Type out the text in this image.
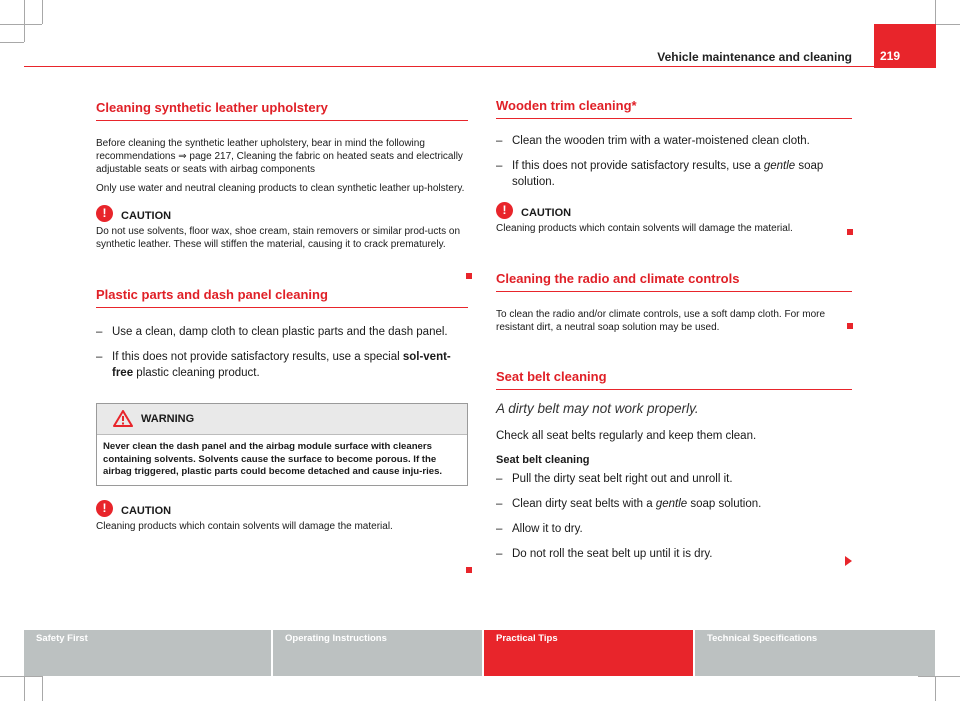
Vehicle maintenance and cleaning 219
Cleaning synthetic leather upholstery

Before cleaning the synthetic leather upholstery, bear in mind the following recommendations ⇒ page 217, Cleaning the fabric on heated seats and electrically adjustable seats or seats with airbag components

Only use water and neutral cleaning products to clean synthetic leather up-holstery.

!	CAUTION

Do not use solvents, floor wax, shoe cream, stain removers or similar prod-ucts on synthetic leather. These will stiffen the material, causing it to crack prematurely.

Plastic parts and dash panel cleaning
– Use a clean, damp cloth to clean plastic parts and the dash panel.
– If this does not provide satisfactory results, use a special sol-vent-free plastic cleaning product.
WARNING
Never clean the dash panel and the airbag module surface with cleaners containing solvents. Solvents cause the surface to become porous. If the airbag triggered, plastic parts could become detached and cause inju-ries.
!	CAUTION

Cleaning products which contain solvents will damage the material.

Wooden trim cleaning*
– Clean the wooden trim with a water-moistened clean cloth.
– If this does not provide satisfactory results, use a gentle soap solution.
!	CAUTION

Cleaning products which contain solvents will damage the material.

Cleaning the radio and climate controls

To clean the radio and/or climate controls, use a soft damp cloth. For more resistant dirt, a neutral soap solution may be used.

Seat belt cleaning
A dirty belt may not work properly.
Check all seat belts regularly and keep them clean.
Seat belt cleaning
– Pull the dirty seat belt right out and unroll it.
– Clean dirty seat belts with a gentle soap solution.
– Allow it to dry.
– Do not roll the seat belt up until it is dry.
Safety First	Operating Instructions	Practical Tips	Technical Specifications
